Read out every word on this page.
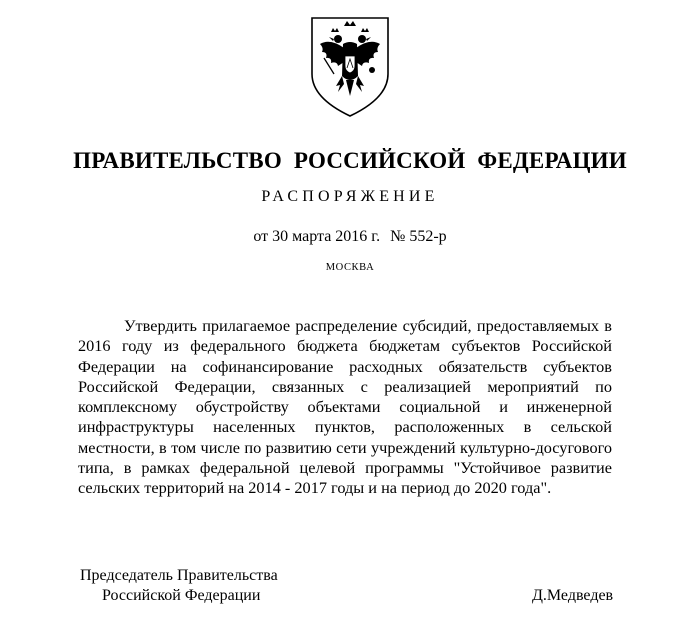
ПРАВИТЕЛЬСТВО РОССИЙСКОЙ ФЕДЕРАЦИИ
РАСПОРЯЖЕНИЕ
от 30 марта 2016 г. № 552-р
МОСКВА

Утвердить прилагаемое распределение субсидий, предоставляемых в 2016 году из федерального бюджета бюджетам субъектов Российской Федерации на софинансирование расходных обязательств субъектов Российской Федерации, связанных с реализацией мероприятий по комплексному обустройству объектами социальной и инженерной инфраструктуры населенных пунктов, расположенных в сельской местности, в том числе по развитию сети учреждений культурно-досугового типа, в рамках федеральной целевой программы "Устойчивое развитие сельских территорий на 2014 - 2017 годы и на период до 2020 года".

Председатель Правительства
Российской Федерации	Д.Медведев
